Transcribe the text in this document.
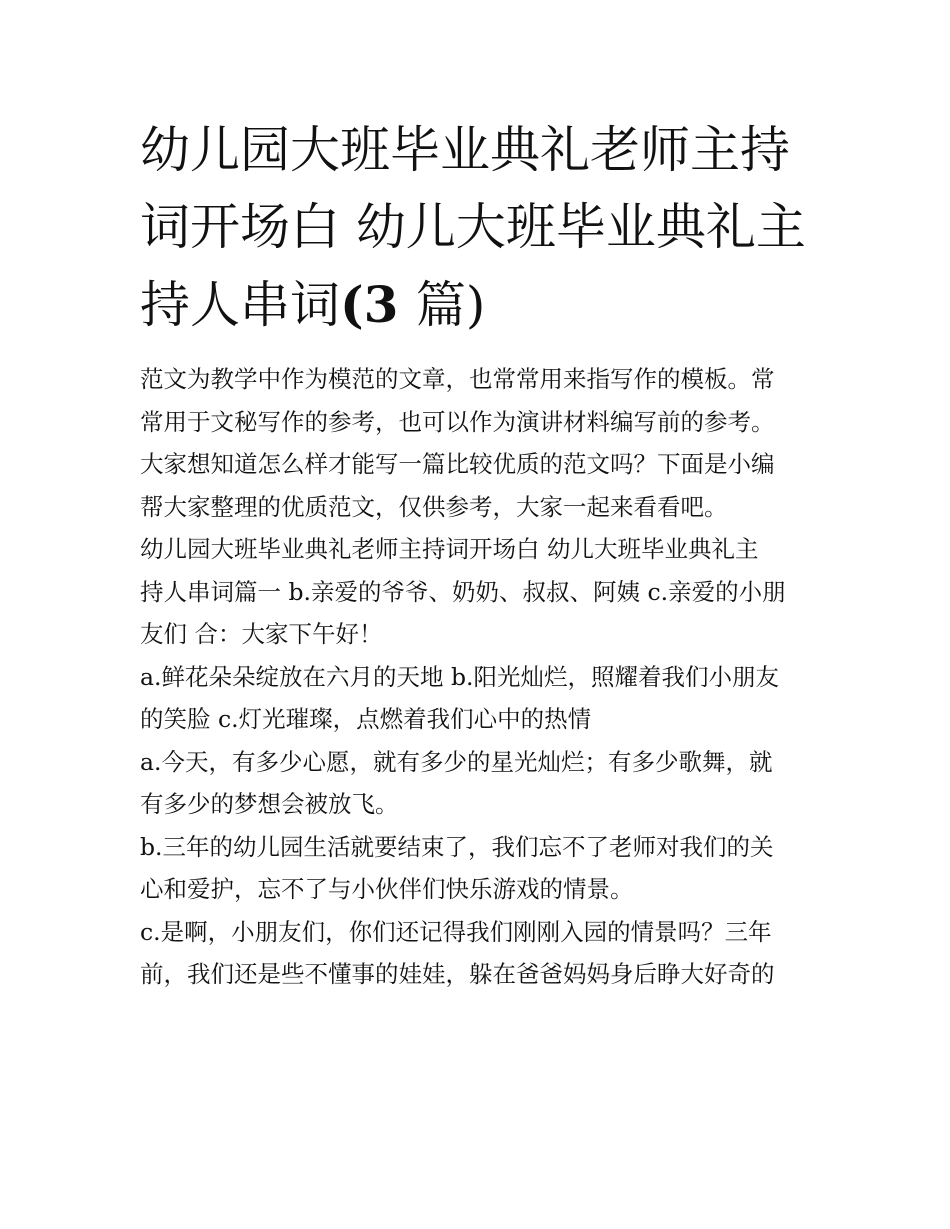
幼儿园大班毕业典礼老师主持
词开场白 幼儿大班毕业典礼主
持人串词(3 篇)
范文为教学中作为模范的文章，也常常用来指写作的模板。常
常用于文秘写作的参考，也可以作为演讲材料编写前的参考。
大家想知道怎么样才能写一篇比较优质的范文吗？下面是小编
帮大家整理的优质范文，仅供参考，大家一起来看看吧。
幼儿园大班毕业典礼老师主持词开场白 幼儿大班毕业典礼主
持人串词篇一 b.亲爱的爷爷、奶奶、叔叔、阿姨 c.亲爱的小朋
友们 合：大家下午好！
a.鲜花朵朵绽放在六月的天地 b.阳光灿烂，照耀着我们小朋友
的笑脸 c.灯光璀璨，点燃着我们心中的热情
a.今天，有多少心愿，就有多少的星光灿烂；有多少歌舞，就
有多少的梦想会被放飞。
b.三年的幼儿园生活就要结束了，我们忘不了老师对我们的关
心和爱护，忘不了与小伙伴们快乐游戏的情景。
c.是啊，小朋友们，你们还记得我们刚刚入园的情景吗？三年
前，我们还是些不懂事的娃娃，躲在爸爸妈妈身后睁大好奇的
